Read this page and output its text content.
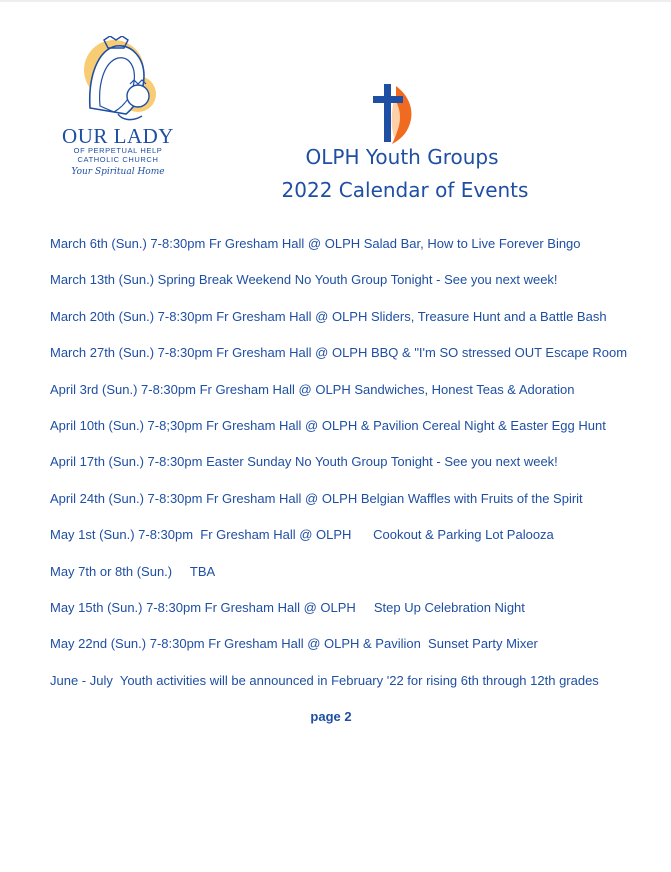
OUR LADY
OF PERPETUAL HELP
CATHOLIC CHURCH
Your Spiritual Home
OLPH Youth Groups
2022 Calendar of Events
March 6th (Sun.) 7-8:30pm Fr Gresham Hall @ OLPH Salad Bar, How to Live Forever Bingo
March 13th (Sun.) Spring Break Weekend No Youth Group Tonight - See you next week!
March 20th (Sun.) 7-8:30pm Fr Gresham Hall @ OLPH Sliders, Treasure Hunt and a Battle Bash
March 27th (Sun.) 7-8:30pm Fr Gresham Hall @ OLPH BBQ & "I'm SO stressed OUT Escape Room
April 3rd (Sun.) 7-8:30pm Fr Gresham Hall @ OLPH Sandwiches, Honest Teas & Adoration
April 10th (Sun.) 7-8;30pm Fr Gresham Hall @ OLPH & Pavilion Cereal Night & Easter Egg Hunt
April 17th (Sun.) 7-8:30pm Easter Sunday No Youth Group Tonight - See you next week!
April 24th (Sun.) 7-8:30pm Fr Gresham Hall @ OLPH Belgian Waffles with Fruits of the Spirit
May 1st (Sun.) 7-8:30pm  Fr Gresham Hall @ OLPH      Cookout & Parking Lot Palooza
May 7th or 8th (Sun.)     TBA
May 15th (Sun.) 7-8:30pm Fr Gresham Hall @ OLPH     Step Up Celebration Night
May 22nd (Sun.) 7-8:30pm Fr Gresham Hall @ OLPH & Pavilion  Sunset Party Mixer
June - July  Youth activities will be announced in February '22 for rising 6th through 12th grades
page 2
